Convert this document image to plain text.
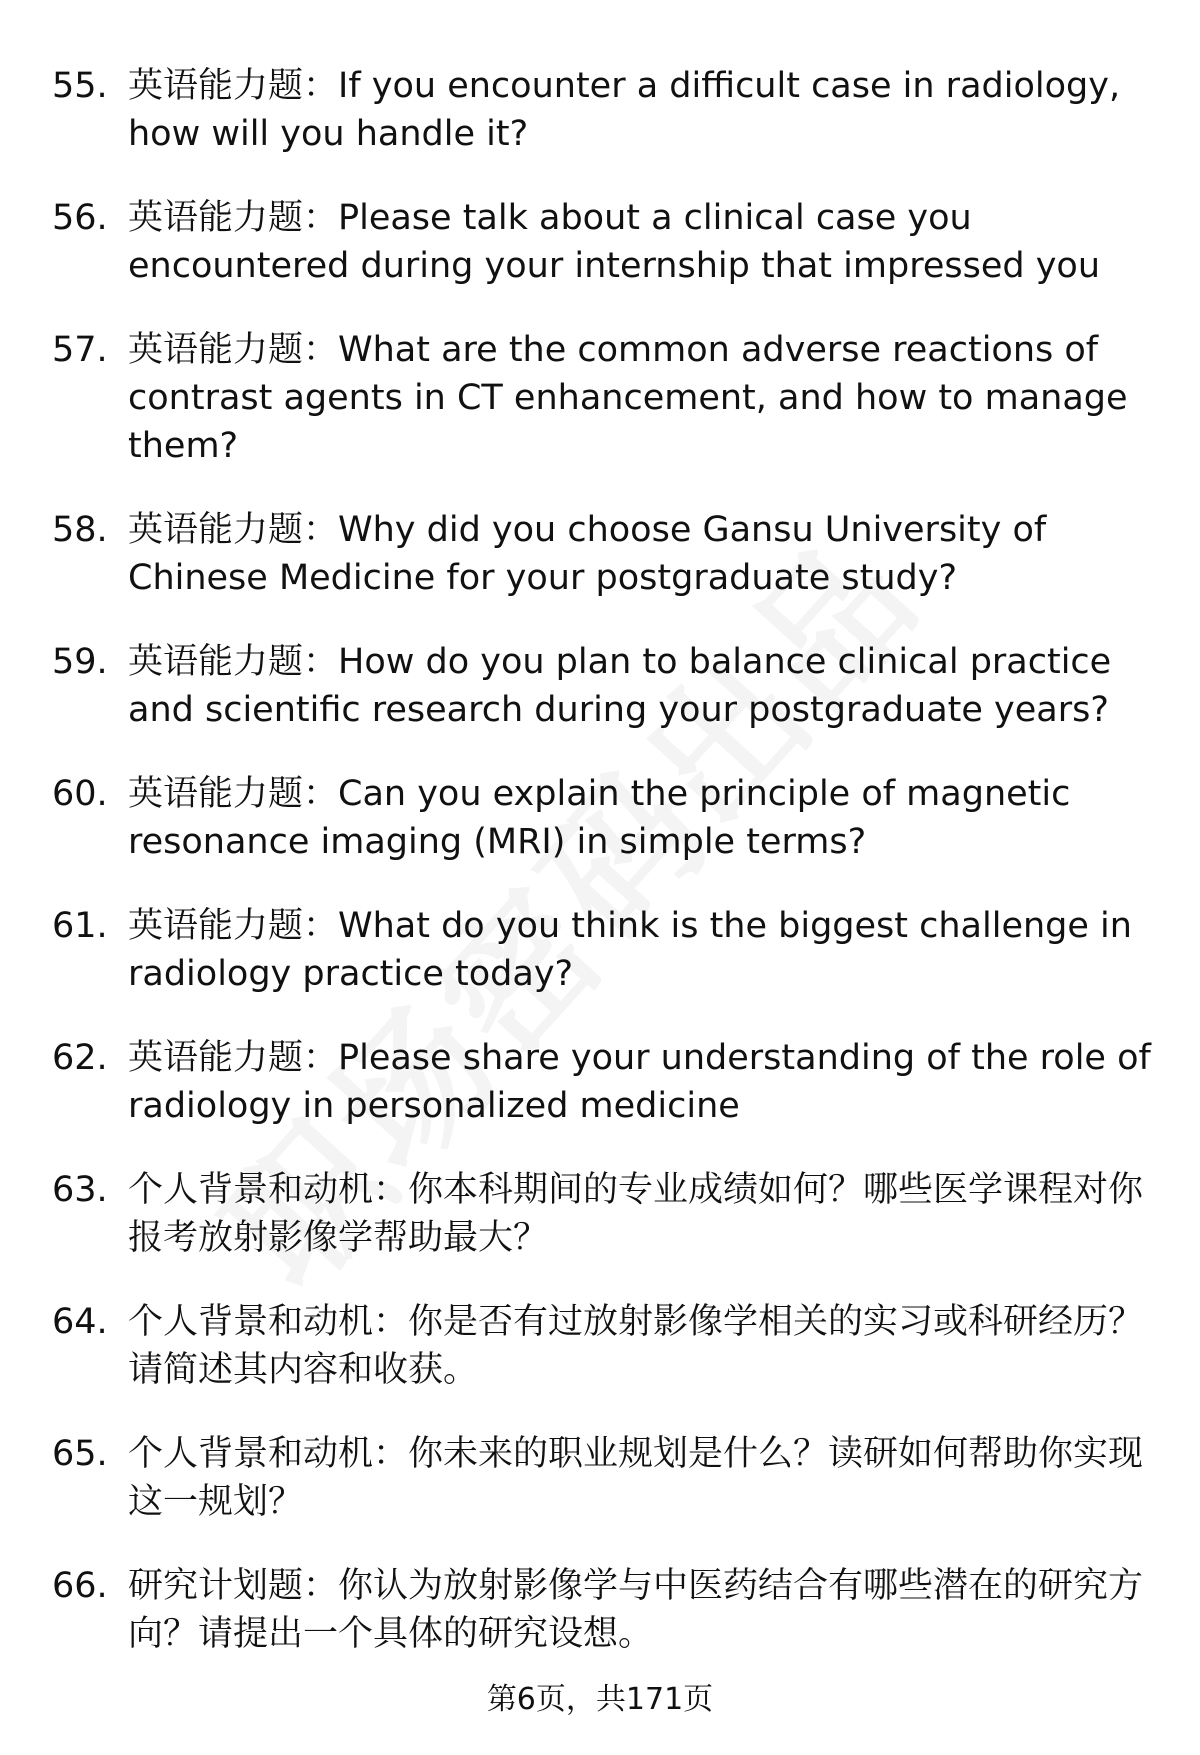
55. 英语能力题：If you encounter a difficult case in radiology, how will you handle it?
56. 英语能力题：Please talk about a clinical case you encountered during your internship that impressed you
57. 英语能力题：What are the common adverse reactions of contrast agents in CT enhancement, and how to manage them?
58. 英语能力题：Why did you choose Gansu University of Chinese Medicine for your postgraduate study?
59. 英语能力题：How do you plan to balance clinical practice and scientific research during your postgraduate years?
60. 英语能力题：Can you explain the principle of magnetic resonance imaging (MRI) in simple terms?
61. 英语能力题：What do you think is the biggest challenge in radiology practice today?
62. 英语能力题：Please share your understanding of the role of radiology in personalized medicine
63. 个人背景和动机：你本科期间的专业成绩如何？哪些医学课程对你报考放射影像学帮助最大？
64. 个人背景和动机：你是否有过放射影像学相关的实习或科研经历？请简述其内容和收获。
65. 个人背景和动机：你未来的职业规划是什么？读研如何帮助你实现这一规划？
66. 研究计划题：你认为放射影像学与中医药结合有哪些潜在的研究方向？请提出一个具体的研究设想。
第6页，共171页
